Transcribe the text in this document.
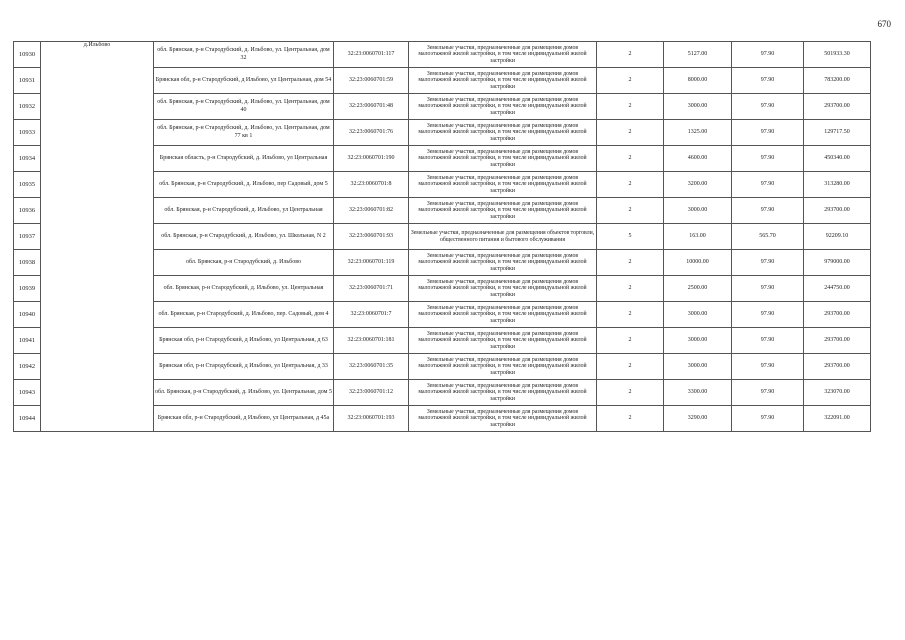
670
10930	д.Ильбово	обл. Брянская, р-н Стародубский, д. Ильбово, ул. Центральная, дом 32	32:23:0060701:117	Земельные участки, предназначенные для размещения домов малоэтажной жилой застройки, в том числе индивидуальной жилой застройки	2	5127.00	97.90	501933.30
10931		Брянская обл, р-н Стародубский, д Ильбово, ул Центральная, дом 54	32:23:0060701:59	Земельные участки, предназначенные для размещения домов малоэтажной жилой застройки, в том числе индивидуальной жилой застройки	2	8000.00	97.90	783200.00
10932		обл. Брянская, р-н Стародубский, д. Ильбово, ул. Центральная, дом 40	32:23:0060701:48	Земельные участки, предназначенные для размещения домов малоэтажной жилой застройки, в том числе индивидуальной жилой застройки	2	3000.00	97.90	293700.00
10933		обл. Брянская, р-н Стародубский, д. Ильбово, ул. Центральная, дом 77 кв 1	32:23:0060701:76	Земельные участки, предназначенные для размещения домов малоэтажной жилой застройки, в том числе индивидуальной жилой застройки	2	1325.00	97.90	129717.50
10934		Брянская область, р-н Стародубский, д. Ильбово, ул Центральная	32:23:0060701:190	Земельные участки, предназначенные для размещения домов малоэтажной жилой застройки, в том числе индивидуальной жилой застройки	2	4600.00	97.90	450340.00
10935		обл. Брянская, р-н Стародубский, д. Ильбово, пер Садовый, дом 5	32:23:0060701:8	Земельные участки, предназначенные для размещения домов малоэтажной жилой застройки, в том числе индивидуальной жилой застройки	2	3200.00	97.90	313280.00
10936		обл. Брянская, р-н Стародубский, д. Ильбово, ул Центральная	32:23:0060701:82	Земельные участки, предназначенные для размещения домов малоэтажной жилой застройки, в том числе индивидуальной жилой застройки	2	3000.00	97.90	293700.00
10937		обл. Брянская, р-н Стародубский, д. Ильбово, ул. Школьная, N 2	32:23:0060701:93	Земельные участки, предназначенные для размещения объектов торговли, общественного питания и бытового обслуживания	5	163.00	565.70	92209.10
10938		обл. Брянская, р-н Стародубский, д. Ильбово	32:23:0060701:119	Земельные участки, предназначенные для размещения домов малоэтажной жилой застройки, в том числе индивидуальной жилой застройки	2	10000.00	97.90	979000.00
10939		обл. Брянская, р-н Стародубский, д. Ильбово, ул. Центральная	32:23:0060701:71	Земельные участки, предназначенные для размещения домов малоэтажной жилой застройки, в том числе индивидуальной жилой застройки	2	2500.00	97.90	244750.00
10940		обл. Брянская, р-н Стародубский, д. Ильбово, пер. Садовый, дом 4	32:23:0060701:7	Земельные участки, предназначенные для размещения домов малоэтажной жилой застройки, в том числе индивидуальной жилой застройки	2	3000.00	97.90	293700.00
10941		Брянская обл, р-н Стародубский, д Ильбово, ул Центральная, д 63	32:23:0060701:181	Земельные участки, предназначенные для размещения домов малоэтажной жилой застройки, в том числе индивидуальной жилой застройки	2	3000.00	97.90	293700.00
10942		Брянская обл, р-н Стародубский, д Ильбово, ул Центральная, д 33	32:23:0060701:35	Земельные участки, предназначенные для размещения домов малоэтажной жилой застройки, в том числе индивидуальной жилой застройки	2	3000.00	97.90	293700.00
10943		обл. Брянская, р-н Стародубский, д. Ильбово, ул. Центральная, дом 5	32:23:0060701:12	Земельные участки, предназначенные для размещения домов малоэтажной жилой застройки, в том числе индивидуальной жилой застройки	2	3300.00	97.90	323070.00
10944		Брянская обл, р-н Стародубский, д Ильбово, ул Центральная, д 45а	32:23:0060701:193	Земельные участки, предназначенные для размещения домов малоэтажной жилой застройки, в том числе индивидуальной жилой застройки	2	3290.00	97.90	322091.00
